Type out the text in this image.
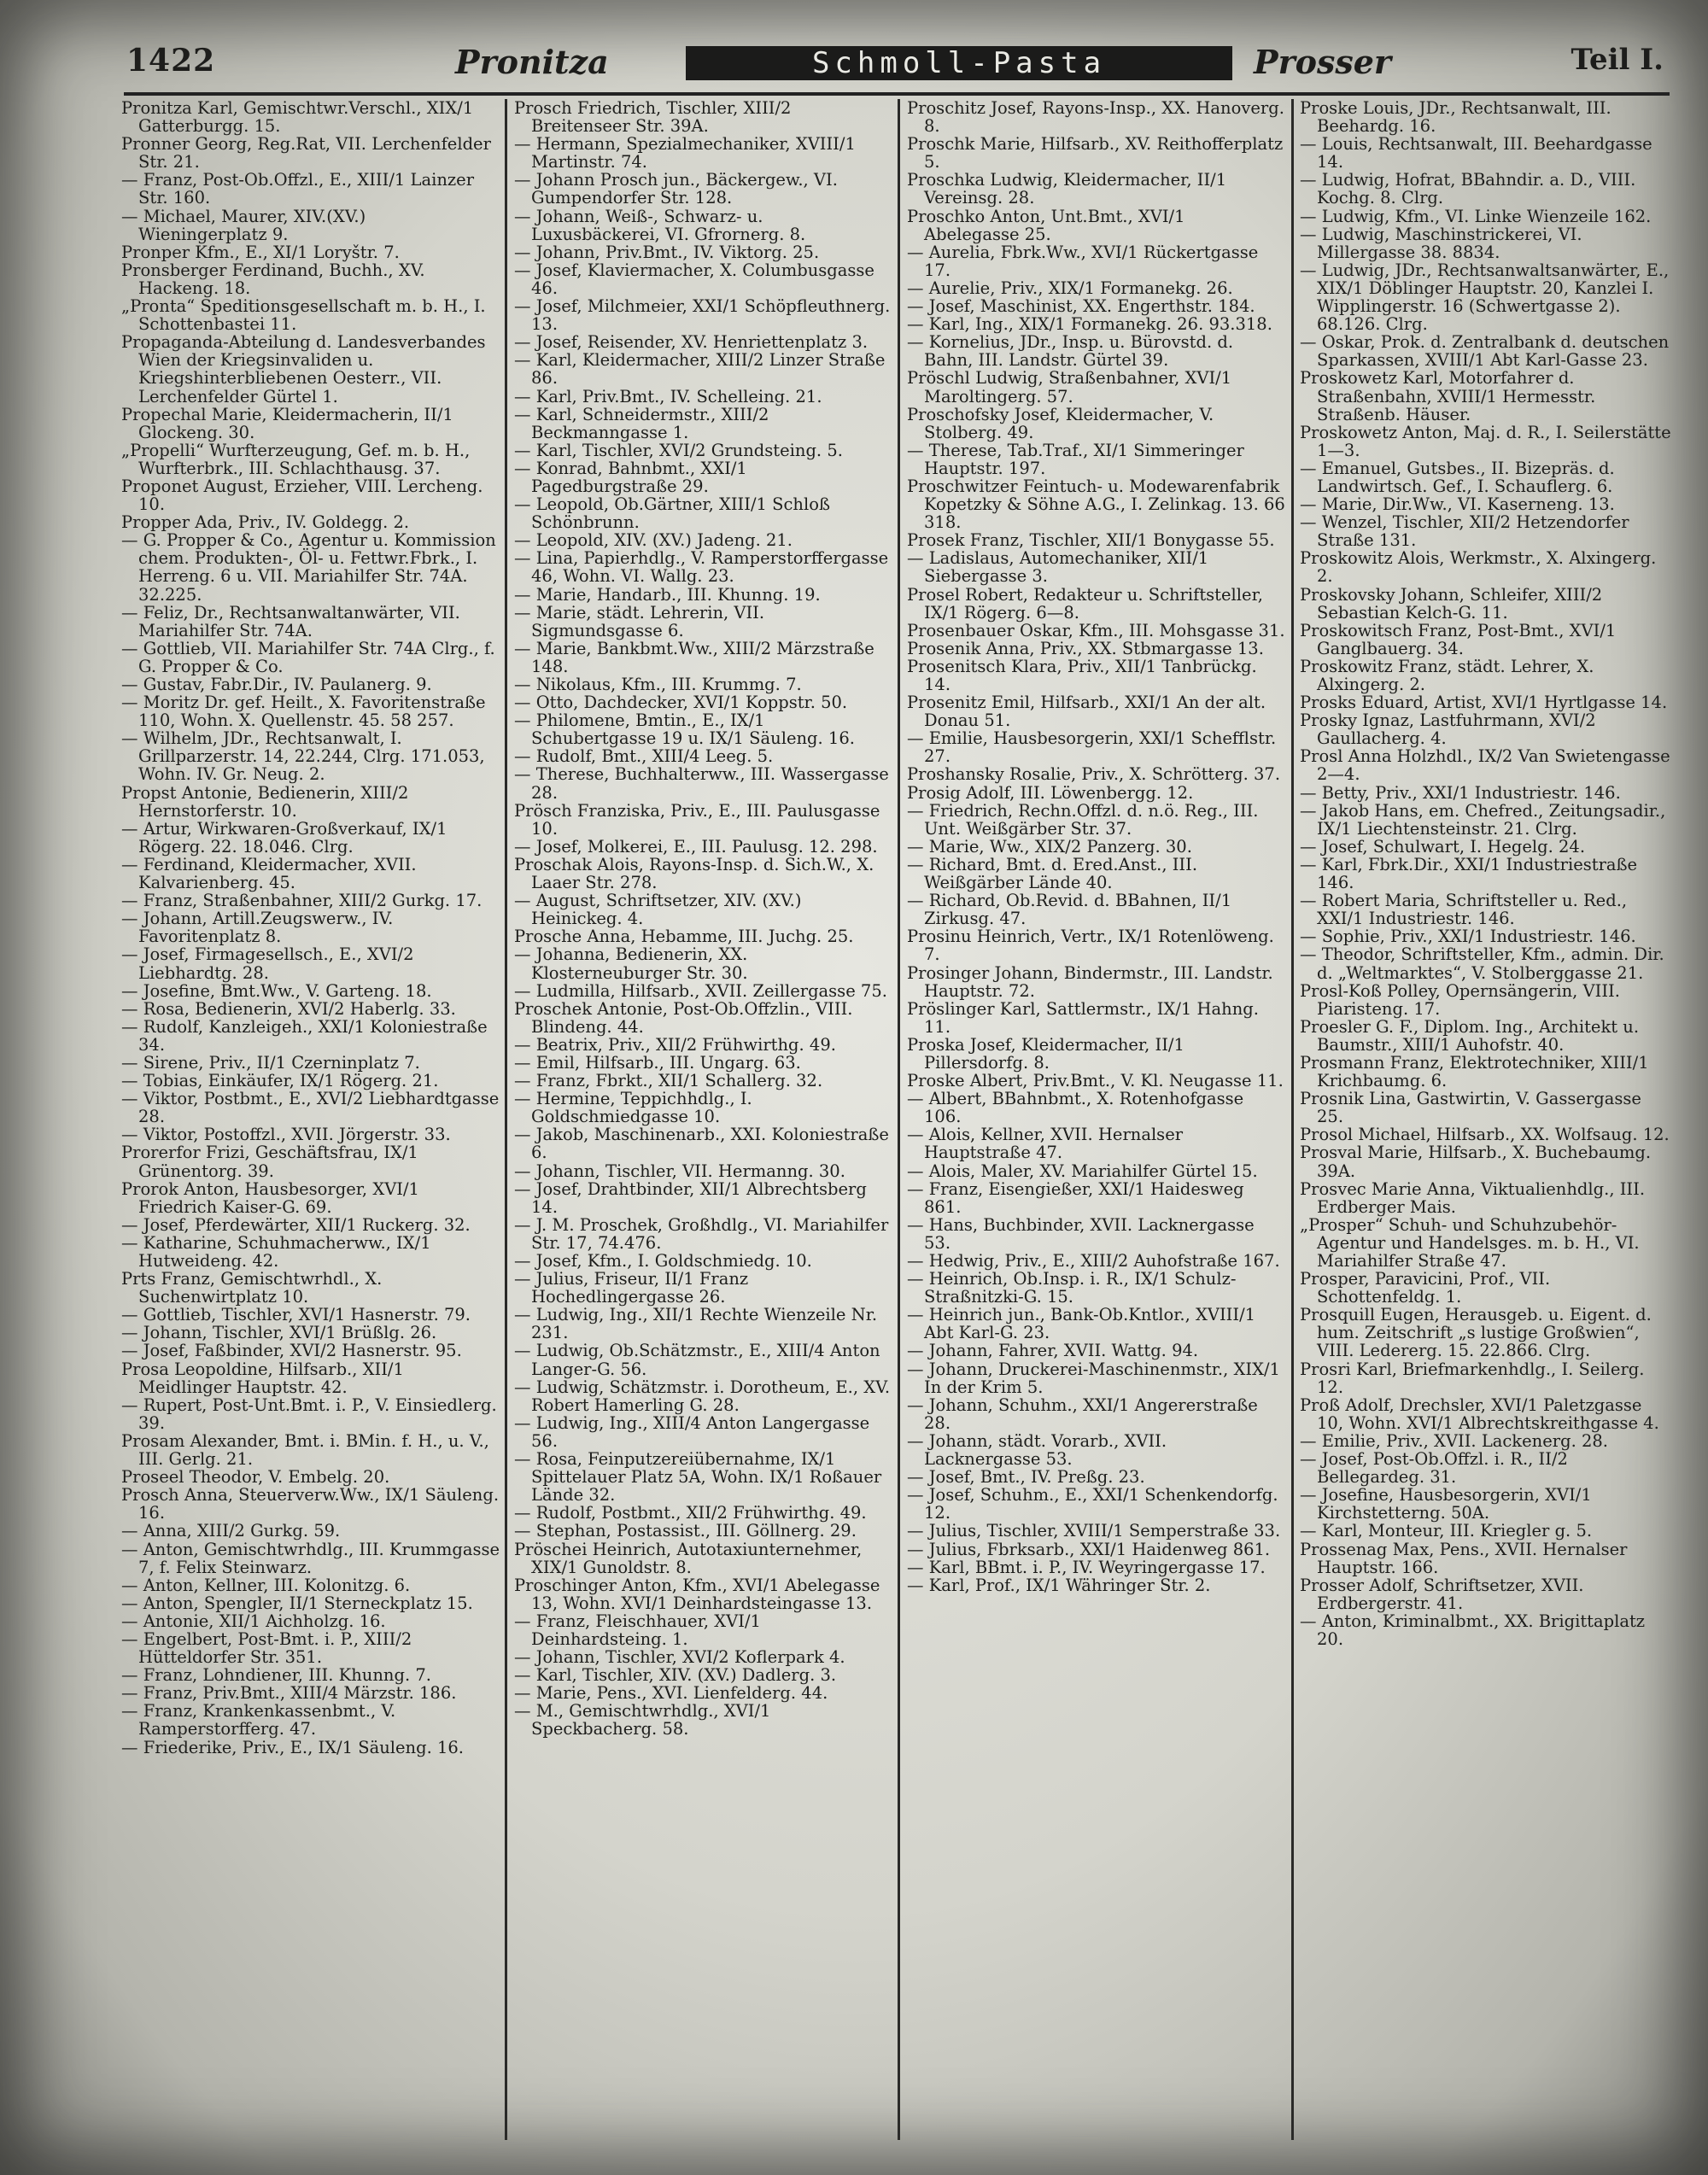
1422	Pronitza	Schmoll-Pasta	Prosser	Teil I.
Pronitza Karl, Gemischtwr.Verschl., XIX/1 Gatterburgg. 15.
Pronner Georg, Reg.Rat, VII. Lerchenfelder Str. 21.
— Franz, Post-Ob.Offzl., E., XIII/1 Lainzer Str. 160.
— Michael, Maurer, XIV.(XV.) Wieningerplatz 9.
Pronper Kfm., E., XI/1 Loryštr. 7.
Pronsberger Ferdinand, Buchh., XV. Hackeng. 18.
„Pronta“ Speditionsgesellschaft m. b. H., I. Schottenbastei 11.
Propaganda-Abteilung d. Landesverbandes Wien der Kriegsinvaliden u. Kriegshinterbliebenen Oesterr., VII. Lerchenfelder Gürtel 1.
Propechal Marie, Kleidermacherin, II/1 Glockeng. 30.
„Propelli“ Wurfterzeugung, Gef. m. b. H., Wurfterbrk., III. Schlachthausg. 37.
Proponet August, Erzieher, VIII. Lercheng. 10.
Propper Ada, Priv., IV. Goldegg. 2.
— G. Propper & Co., Agentur u. Kommission chem. Produkten-, Öl- u. Fettwr.Fbrk., I. Herreng. 6 u. VII. Mariahilfer Str. 74A. 32.225.
— Feliz, Dr., Rechtsanwaltanwärter, VII. Mariahilfer Str. 74A.
— Gottlieb, VII. Mariahilfer Str. 74A Clrg., f. G. Propper & Co.
— Gustav, Fabr.Dir., IV. Paulanerg. 9.
— Moritz Dr. gef. Heilt., X. Favoritenstraße 110, Wohn. X. Quellenstr. 45. 58 257.
— Wilhelm, JDr., Rechtsanwalt, I. Grillparzerstr. 14, 22.244, Clrg. 171.053, Wohn. IV. Gr. Neug. 2.
Propst Antonie, Bedienerin, XIII/2 Hernstorferstr. 10.
— Artur, Wirkwaren-Großverkauf, IX/1 Rögerg. 22. 18.046. Clrg.
— Ferdinand, Kleidermacher, XVII. Kalvarienberg. 45.
— Franz, Straßenbahner, XIII/2 Gurkg. 17.
— Johann, Artill.Zeugswerw., IV. Favoritenplatz 8.
— Josef, Firmagesellsch., E., XVI/2 Liebhardtg. 28.
— Josefine, Bmt.Ww., V. Garteng. 18.
— Rosa, Bedienerin, XVI/2 Haberlg. 33.
— Rudolf, Kanzleigeh., XXI/1 Koloniestraße 34.
— Sirene, Priv., II/1 Czerninplatz 7.
— Tobias, Einkäufer, IX/1 Rögerg. 21.
— Viktor, Postbmt., E., XVI/2 Liebhardtgasse 28.
— Viktor, Postoffzl., XVII. Jörgerstr. 33.
Prorerfor Frizi, Geschäftsfrau, IX/1 Grünentorg. 39.
Prorok Anton, Hausbesorger, XVI/1 Friedrich Kaiser-G. 69.
— Josef, Pferdewärter, XII/1 Ruckerg. 32.
— Katharine, Schuhmacherww., IX/1 Hutweideng. 42.
Prts Franz, Gemischtwrhdl., X. Suchenwirtplatz 10.
— Gottlieb, Tischler, XVI/1 Hasnerstr. 79.
— Johann, Tischler, XVI/1 Brüßlg. 26.
— Josef, Faßbinder, XVI/2 Hasnerstr. 95.
Prosa Leopoldine, Hilfsarb., XII/1 Meidlinger Hauptstr. 42.
— Rupert, Post-Unt.Bmt. i. P., V. Einsiedlerg. 39.
Prosam Alexander, Bmt. i. BMin. f. H., u. V., III. Gerlg. 21.
Proseel Theodor, V. Embelg. 20.
Prosch Anna, Steuerverw.Ww., IX/1 Säuleng. 16.
— Anna, XIII/2 Gurkg. 59.
— Anton, Gemischtwrhdlg., III. Krummgasse 7, f. Felix Steinwarz.
— Anton, Kellner, III. Kolonitzg. 6.
— Anton, Spengler, II/1 Sterneckplatz 15.
— Antonie, XII/1 Aichholzg. 16.
— Engelbert, Post-Bmt. i. P., XIII/2 Hütteldorfer Str. 351.
— Franz, Lohndiener, III. Khunng. 7.
— Franz, Priv.Bmt., XIII/4 Märzstr. 186.
— Franz, Krankenkassenbmt., V. Ramperstorfferg. 47.
— Friederike, Priv., E., IX/1 Säuleng. 16.
Prosch Friedrich, Tischler, XIII/2 Breitenseer Str. 39A.
— Hermann, Spezialmechaniker, XVIII/1 Martinstr. 74.
— Johann Prosch jun., Bäckergew., VI. Gumpendorfer Str. 128.
— Johann, Weiß-, Schwarz- u. Luxusbäckerei, VI. Gfrornerg. 8.
— Johann, Priv.Bmt., IV. Viktorg. 25.
— Josef, Klaviermacher, X. Columbusgasse 46.
— Josef, Milchmeier, XXI/1 Schöpfleuthnerg. 13.
— Josef, Reisender, XV. Henriettenplatz 3.
— Karl, Kleidermacher, XIII/2 Linzer Straße 86.
— Karl, Priv.Bmt., IV. Schelleing. 21.
— Karl, Schneidermstr., XIII/2 Beckmanngasse 1.
— Karl, Tischler, XVI/2 Grundsteing. 5.
— Konrad, Bahnbmt., XXI/1 Pagedburgstraße 29.
— Leopold, Ob.Gärtner, XIII/1 Schloß Schönbrunn.
— Leopold, XIV. (XV.) Jadeng. 21.
— Lina, Papierhdlg., V. Ramperstorffergasse 46, Wohn. VI. Wallg. 23.
— Marie, Handarb., III. Khunng. 19.
— Marie, städt. Lehrerin, VII. Sigmundsgasse 6.
— Marie, Bankbmt.Ww., XIII/2 Märzstraße 148.
— Nikolaus, Kfm., III. Krummg. 7.
— Otto, Dachdecker, XVI/1 Koppstr. 50.
— Philomene, Bmtin., E., IX/1 Schubertgasse 19 u. IX/1 Säuleng. 16.
— Rudolf, Bmt., XIII/4 Leeg. 5.
— Therese, Buchhalterww., III. Wassergasse 28.
Prösch Franziska, Priv., E., III. Paulusgasse 10.
— Josef, Molkerei, E., III. Paulusg. 12. 298.
Proschak Alois, Rayons-Insp. d. Sich.W., X. Laaer Str. 278.
— August, Schriftsetzer, XIV. (XV.) Heinickeg. 4.
Prosche Anna, Hebamme, III. Juchg. 25.
— Johanna, Bedienerin, XX. Klosterneuburger Str. 30.
— Ludmilla, Hilfsarb., XVII. Zeillergasse 75.
Proschek Antonie, Post-Ob.Offzlin., VIII. Blindeng. 44.
— Beatrix, Priv., XII/2 Frühwirthg. 49.
— Emil, Hilfsarb., III. Ungarg. 63.
— Franz, Fbrkt., XII/1 Schallerg. 32.
— Hermine, Teppichhdlg., I. Goldschmiedgasse 10.
— Jakob, Maschinenarb., XXI. Koloniestraße 6.
— Johann, Tischler, VII. Hermanng. 30.
— Josef, Drahtbinder, XII/1 Albrechtsberg 14.
— J. M. Proschek, Großhdlg., VI. Mariahilfer Str. 17, 74.476.
— Josef, Kfm., I. Goldschmiedg. 10.
— Julius, Friseur, II/1 Franz Hochedlingergasse 26.
— Ludwig, Ing., XII/1 Rechte Wienzeile Nr. 231.
— Ludwig, Ob.Schätzmstr., E., XIII/4 Anton Langer-G. 56.
— Ludwig, Schätzmstr. i. Dorotheum, E., XV. Robert Hamerling G. 28.
— Ludwig, Ing., XIII/4 Anton Langergasse 56.
— Rosa, Feinputzereiübernahme, IX/1 Spittelauer Platz 5A, Wohn. IX/1 Roßauer Lände 32.
— Rudolf, Postbmt., XII/2 Frühwirthg. 49.
— Stephan, Postassist., III. Göllnerg. 29.
Pröschei Heinrich, Autotaxiunternehmer, XIX/1 Gunoldstr. 8.
Proschinger Anton, Kfm., XVI/1 Abelegasse 13, Wohn. XVI/1 Deinhardsteingasse 13.
— Franz, Fleischhauer, XVI/1 Deinhardsteing. 1.
— Johann, Tischler, XVI/2 Koflerpark 4.
— Karl, Tischler, XIV. (XV.) Dadlerg. 3.
— Marie, Pens., XVI. Lienfelderg. 44.
— M., Gemischtwrhdlg., XVI/1 Speckbacherg. 58.
Proschitz Josef, Rayons-Insp., XX. Hanoverg. 8.
Proschk Marie, Hilfsarb., XV. Reithofferplatz 5.
Proschka Ludwig, Kleidermacher, II/1 Vereinsg. 28.
Proschko Anton, Unt.Bmt., XVI/1 Abelegasse 25.
— Aurelia, Fbrk.Ww., XVI/1 Rückertgasse 17.
— Aurelie, Priv., XIX/1 Formanekg. 26.
— Josef, Maschinist, XX. Engerthstr. 184.
— Karl, Ing., XIX/1 Formanekg. 26. 93.318.
— Kornelius, JDr., Insp. u. Bürovstd. d. Bahn, III. Landstr. Gürtel 39.
Pröschl Ludwig, Straßenbahner, XVI/1 Maroltingerg. 57.
Proschofsky Josef, Kleidermacher, V. Stolberg. 49.
— Therese, Tab.Traf., XI/1 Simmeringer Hauptstr. 197.
Proschwitzer Feintuch- u. Modewarenfabrik Kopetzky & Söhne A.G., I. Zelinkag. 13. 66 318.
Prosek Franz, Tischler, XII/1 Bonygasse 55.
— Ladislaus, Automechaniker, XII/1 Siebergasse 3.
Prosel Robert, Redakteur u. Schriftsteller, IX/1 Rögerg. 6—8.
Prosenbauer Oskar, Kfm., III. Mohsgasse 31.
Prosenik Anna, Priv., XX. Stbmargasse 13.
Prosenitsch Klara, Priv., XII/1 Tanbrückg. 14.
Prosenitz Emil, Hilfsarb., XXI/1 An der alt. Donau 51.
— Emilie, Hausbesorgerin, XXI/1 Schefflstr. 27.
Proshansky Rosalie, Priv., X. Schrötterg. 37.
Prosig Adolf, III. Löwenbergg. 12.
— Friedrich, Rechn.Offzl. d. n.ö. Reg., III. Unt. Weißgärber Str. 37.
— Marie, Ww., XIX/2 Panzerg. 30.
— Richard, Bmt. d. Ered.Anst., III. Weißgärber Lände 40.
— Richard, Ob.Revid. d. BBahnen, II/1 Zirkusg. 47.
Prosinu Heinrich, Vertr., IX/1 Rotenlöweng. 7.
Prosinger Johann, Bindermstr., III. Landstr. Hauptstr. 72.
Pröslinger Karl, Sattlermstr., IX/1 Hahng. 11.
Proska Josef, Kleidermacher, II/1 Pillersdorfg. 8.
Proske Albert, Priv.Bmt., V. Kl. Neugasse 11.
— Albert, BBahnbmt., X. Rotenhofgasse 106.
— Alois, Kellner, XVII. Hernalser Hauptstraße 47.
— Alois, Maler, XV. Mariahilfer Gürtel 15.
— Franz, Eisengießer, XXI/1 Haidesweg 861.
— Hans, Buchbinder, XVII. Lacknergasse 53.
— Hedwig, Priv., E., XIII/2 Auhofstraße 167.
— Heinrich, Ob.Insp. i. R., IX/1 Schulz-Straßnitzki-G. 15.
— Heinrich jun., Bank-Ob.Kntlor., XVIII/1 Abt Karl-G. 23.
— Johann, Fahrer, XVII. Wattg. 94.
— Johann, Druckerei-Maschinenmstr., XIX/1 In der Krim 5.
— Johann, Schuhm., XXI/1 Angererstraße 28.
— Johann, städt. Vorarb., XVII. Lacknergasse 53.
— Josef, Bmt., IV. Preßg. 23.
— Josef, Schuhm., E., XXI/1 Schenkendorfg. 12.
— Julius, Tischler, XVIII/1 Semperstraße 33.
— Julius, Fbrksarb., XXI/1 Haidenweg 861.
— Karl, BBmt. i. P., IV. Weyringergasse 17.
— Karl, Prof., IX/1 Währinger Str. 2.
Proske Louis, JDr., Rechtsanwalt, III. Beehardg. 16.
— Louis, Rechtsanwalt, III. Beehardgasse 14.
— Ludwig, Hofrat, BBahndir. a. D., VIII. Kochg. 8. Clrg.
— Ludwig, Kfm., VI. Linke Wienzeile 162.
— Ludwig, Maschinstrickerei, VI. Millergasse 38. 8834.
— Ludwig, JDr., Rechtsanwaltsanwärter, E., XIX/1 Döblinger Hauptstr. 20, Kanzlei I. Wipplingerstr. 16 (Schwertgasse 2). 68.126. Clrg.
— Oskar, Prok. d. Zentralbank d. deutschen Sparkassen, XVIII/1 Abt Karl-Gasse 23.
Proskowetz Karl, Motorfahrer d. Straßenbahn, XVIII/1 Hermesstr. Straßenb. Häuser.
Proskowetz Anton, Maj. d. R., I. Seilerstätte 1—3.
— Emanuel, Gutsbes., II. Bizepräs. d. Landwirtsch. Gef., I. Schauflerg. 6.
— Marie, Dir.Ww., VI. Kaserneng. 13.
— Wenzel, Tischler, XII/2 Hetzendorfer Straße 131.
Proskowitz Alois, Werkmstr., X. Alxingerg. 2.
Proskovsky Johann, Schleifer, XIII/2 Sebastian Kelch-G. 11.
Proskowitsch Franz, Post-Bmt., XVI/1 Ganglbauerg. 34.
Proskowitz Franz, städt. Lehrer, X. Alxingerg. 2.
Prosks Eduard, Artist, XVI/1 Hyrtlgasse 14.
Prosky Ignaz, Lastfuhrmann, XVI/2 Gaullacherg. 4.
Prosl Anna Holzhdl., IX/2 Van Swietengasse 2—4.
— Betty, Priv., XXI/1 Industriestr. 146.
— Jakob Hans, em. Chefred., Zeitungsadir., IX/1 Liechtensteinstr. 21. Clrg.
— Josef, Schulwart, I. Hegelg. 24.
— Karl, Fbrk.Dir., XXI/1 Industriestraße 146.
— Robert Maria, Schriftsteller u. Red., XXI/1 Industriestr. 146.
— Sophie, Priv., XXI/1 Industriestr. 146.
— Theodor, Schriftsteller, Kfm., admin. Dir. d. „Weltmarktes“, V. Stolberggasse 21.
Prosl-Koß Polley, Opernsängerin, VIII. Piaristeng. 17.
Proesler G. F., Diplom. Ing., Architekt u. Baumstr., XIII/1 Auhofstr. 40.
Prosmann Franz, Elektrotechniker, XIII/1 Krichbaumg. 6.
Prosnik Lina, Gastwirtin, V. Gassergasse 25.
Prosol Michael, Hilfsarb., XX. Wolfsaug. 12.
Prosval Marie, Hilfsarb., X. Buchebaumg. 39A.
Prosvec Marie Anna, Viktualienhdlg., III. Erdberger Mais.
„Prosper“ Schuh- und Schuhzubehör-Agentur und Handelsges. m. b. H., VI. Mariahilfer Straße 47.
Prosper, Paravicini, Prof., VII. Schottenfeldg. 1.
Prosquill Eugen, Herausgeb. u. Eigent. d. hum. Zeitschrift „s lustige Großwien“, VIII. Ledererg. 15. 22.866. Clrg.
Prosri Karl, Briefmarkenhdlg., I. Seilerg. 12.
Proß Adolf, Drechsler, XVI/1 Paletzgasse 10, Wohn. XVI/1 Albrechtskreithgasse 4.
— Emilie, Priv., XVII. Lackenerg. 28.
— Josef, Post-Ob.Offzl. i. R., II/2 Bellegardeg. 31.
— Josefine, Hausbesorgerin, XVI/1 Kirchstetterng. 50A.
— Karl, Monteur, III. Kriegler g. 5.
Prossenag Max, Pens., XVII. Hernalser Hauptstr. 166.
Prosser Adolf, Schriftsetzer, XVII. Erdbergerstr. 41.
— Anton, Kriminalbmt., XX. Brigittaplatz 20.
